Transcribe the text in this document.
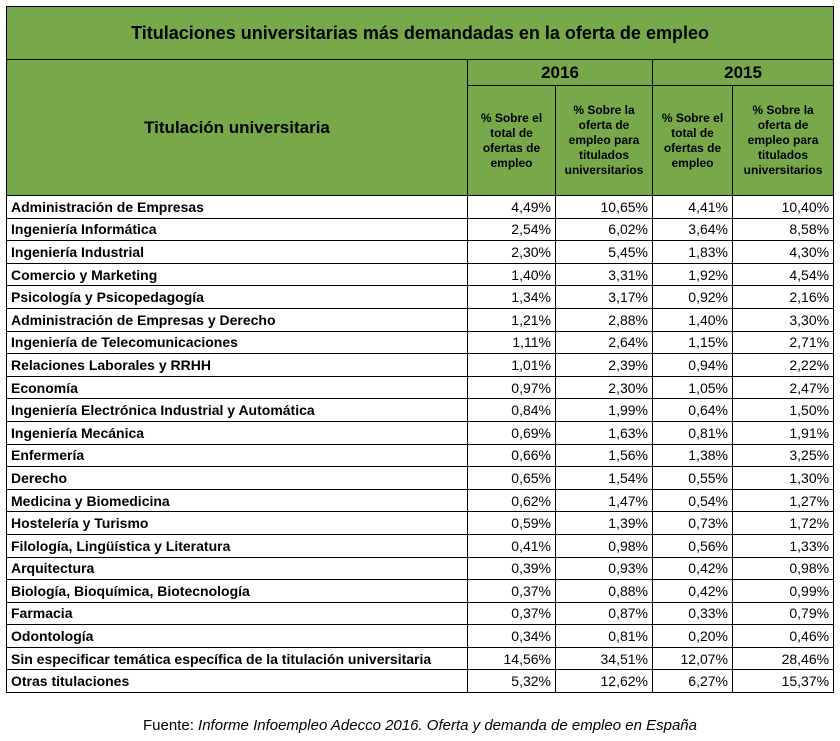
Titulaciones universitarias más demandadas en la oferta de empleo				
Titulación universitaria	2016		2015	
	% Sobre el total de ofertas de empleo	% Sobre la oferta de empleo para titulados universitarios	% Sobre el total de ofertas de empleo	% Sobre la oferta de empleo para titulados universitarios
Administración de Empresas	4,49%	10,65%	4,41%	10,40%
Ingeniería Informática	2,54%	6,02%	3,64%	8,58%
Ingeniería Industrial	2,30%	5,45%	1,83%	4,30%
Comercio y Marketing	1,40%	3,31%	1,92%	4,54%
Psicología y Psicopedagogía	1,34%	3,17%	0,92%	2,16%
Administración de Empresas y Derecho	1,21%	2,88%	1,40%	3,30%
Ingeniería de Telecomunicaciones	1,11%	2,64%	1,15%	2,71%
Relaciones Laborales y RRHH	1,01%	2,39%	0,94%	2,22%
Economía	0,97%	2,30%	1,05%	2,47%
Ingeniería Electrónica Industrial y Automática	0,84%	1,99%	0,64%	1,50%
Ingeniería Mecánica	0,69%	1,63%	0,81%	1,91%
Enfermería	0,66%	1,56%	1,38%	3,25%
Derecho	0,65%	1,54%	0,55%	1,30%
Medicina y Biomedicina	0,62%	1,47%	0,54%	1,27%
Hostelería y Turismo	0,59%	1,39%	0,73%	1,72%
Filología, Lingüística y Literatura	0,41%	0,98%	0,56%	1,33%
Arquitectura	0,39%	0,93%	0,42%	0,98%
Biología, Bioquímica, Biotecnología	0,37%	0,88%	0,42%	0,99%
Farmacia	0,37%	0,87%	0,33%	0,79%
Odontología	0,34%	0,81%	0,20%	0,46%
Sin especificar temática específica de la titulación universitaria	14,56%	34,51%	12,07%	28,46%
Otras titulaciones	5,32%	12,62%	6,27%	15,37%
Fuente: Informe Infoempleo Adecco 2016. Oferta y demanda de empleo en España
